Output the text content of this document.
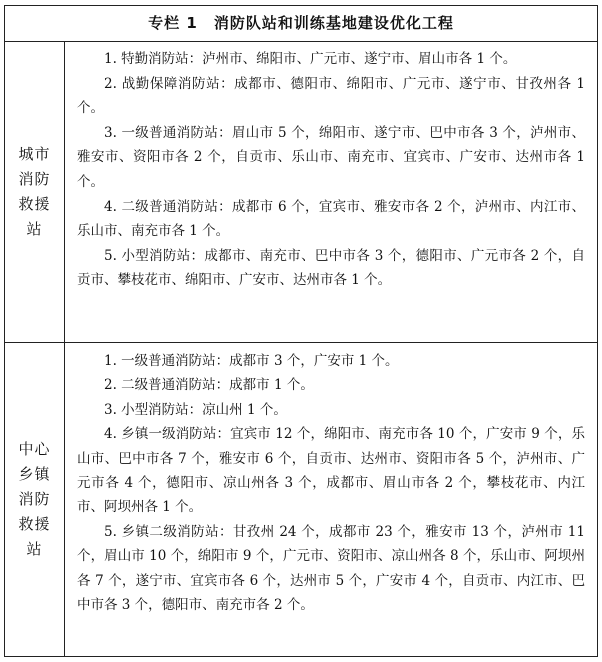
专栏 1　消防队站和训练基地建设优化工程
城市
消防
救援
站

1. 特勤消防站：泸州市、绵阳市、广元市、遂宁市、眉山市各 1 个。

2. 战勤保障消防站：成都市、德阳市、绵阳市、广元市、遂宁市、甘孜州各 1 个。

3. 一级普通消防站：眉山市 5 个，绵阳市、遂宁市、巴中市各 3 个，泸州市、雅安市、资阳市各 2 个，自贡市、乐山市、南充市、宜宾市、广安市、达州市各 1 个。

4. 二级普通消防站：成都市 6 个，宜宾市、雅安市各 2 个，泸州市、内江市、乐山市、南充市各 1 个。

5. 小型消防站：成都市、南充市、巴中市各 3 个，德阳市、广元市各 2 个，自贡市、攀枝花市、绵阳市、广安市、达州市各 1 个。

中心
乡镇
消防
救援
站

1. 一级普通消防站：成都市 3 个，广安市 1 个。

2. 二级普通消防站：成都市 1 个。

3. 小型消防站：凉山州 1 个。

4. 乡镇一级消防站：宜宾市 12 个，绵阳市、南充市各 10 个，广安市 9 个，乐山市、巴中市各 7 个，雅安市 6 个，自贡市、达州市、资阳市各 5 个，泸州市、广元市各 4 个，德阳市、凉山州各 3 个，成都市、眉山市各 2 个，攀枝花市、内江市、阿坝州各 1 个。

5. 乡镇二级消防站：甘孜州 24 个，成都市 23 个，雅安市 13 个，泸州市 11 个，眉山市 10 个，绵阳市 9 个，广元市、资阳市、凉山州各 8 个，乐山市、阿坝州各 7 个，遂宁市、宜宾市各 6 个，达州市 5 个，广安市 4 个，自贡市、内江市、巴中市各 3 个，德阳市、南充市各 2 个。
